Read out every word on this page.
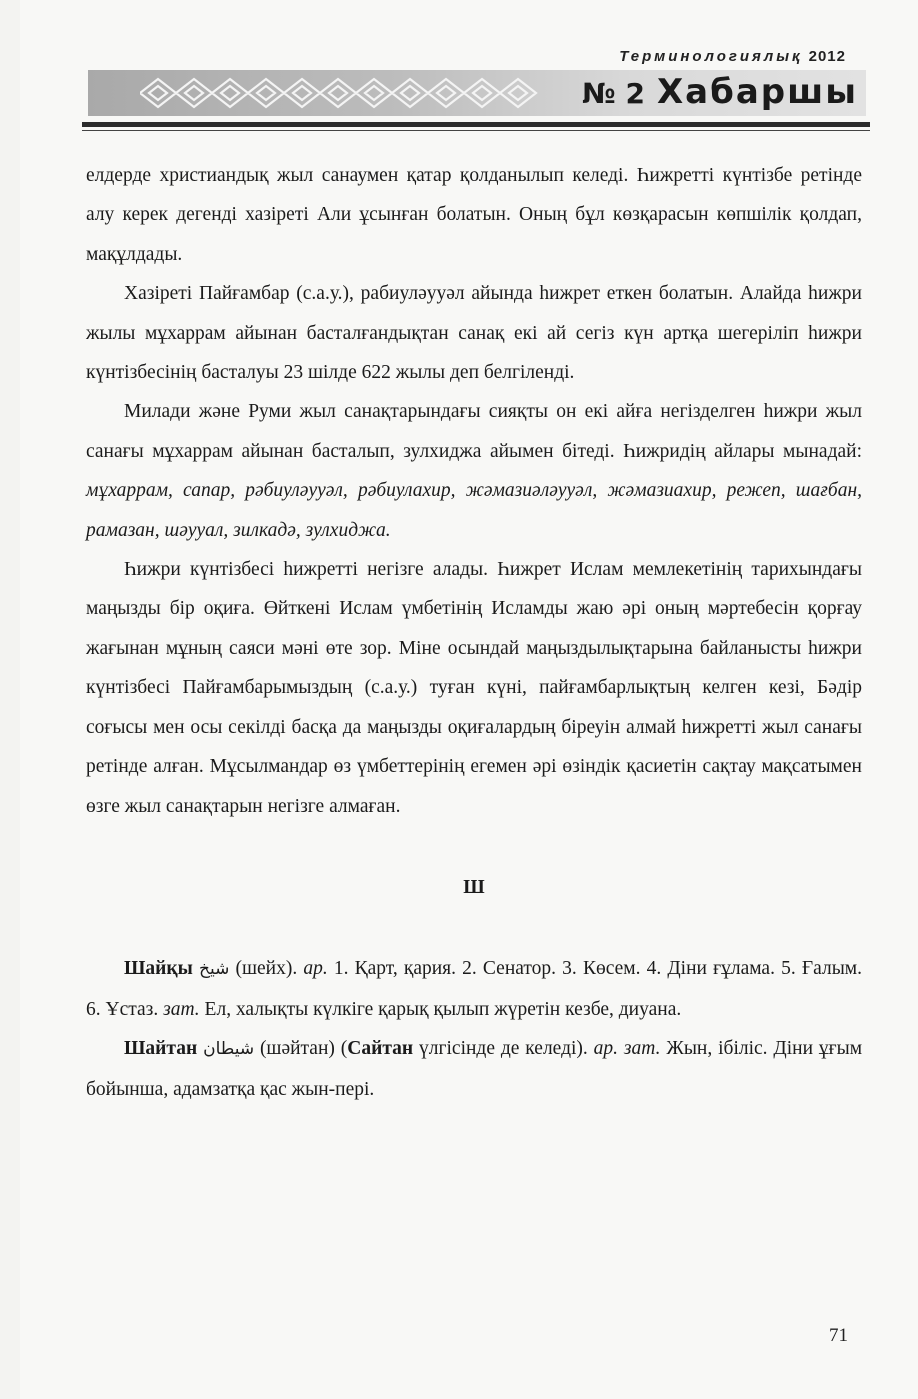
Терминологиялық 2012
№ 2 Хабаршы

елдерде христиандық жыл санаумен қатар қолданылып келеді. Һижретті күнтізбе ретінде алу керек дегенді хазіреті Али ұсынған болатын. Оның бұл көзқарасын көпшілік қолдап, мақұлдады.

Хазіреті Пайғамбар (с.а.у.), рабиуләууәл айында һижрет еткен болатын. Алайда һижри жылы мұхаррам айынан басталғандықтан санақ екі ай сегіз күн артқа шегеріліп һижри күнтізбесінің басталуы 23 шілде 622 жылы деп белгіленді.

Милади және Руми жыл санақтарындағы сияқты он екі айға негізделген һижри жыл санағы мұхаррам айынан басталып, зулхиджа айымен бітеді. Һижридің айлары мынадай: мұхаррам, сапар, рәбиуләууәл, рәбиулахир, жәмазиәләууәл, жәмазиахир, режеп, шағбан, рамазан, шәууал, зилкадә, зулхиджа.

Һижри күнтізбесі һижретті негізге алады. Һижрет Ислам мемлекетінің тарихындағы маңызды бір оқиға. Өйткені Ислам үмбетінің Исламды жаю әрі оның мәртебесін қорғау жағынан мұның саяси мәні өте зор. Міне осындай маңыздылықтарына байланысты һижри күнтізбесі Пайғамбарымыздың (с.а.у.) туған күні, пайғамбарлықтың келген кезі, Бәдір соғысы мен осы секілді басқа да маңызды оқиғалардың біреуін алмай һижретті жыл санағы ретінде алған. Мұсылмандар өз үмбеттерінің егемен әрі өзіндік қасиетін сақтау мақсатымен өзге жыл санақтарын негізге алмаған.

Ш

Шайқы شيخ (шейх). ар. 1. Қарт, қария. 2. Сенатор. 3. Көсем. 4. Діни ғұлама. 5. Ғалым. 6. Ұстаз. зат. Ел, халықты күлкіге қарық қылып жүретін кезбе, диуана.

Шайтан شيطان (шәйтан) (Сайтан үлгісінде де келеді). ар. зат. Жын, ібіліс. Діни ұғым бойынша, адамзатқа қас жын-пері.

71
